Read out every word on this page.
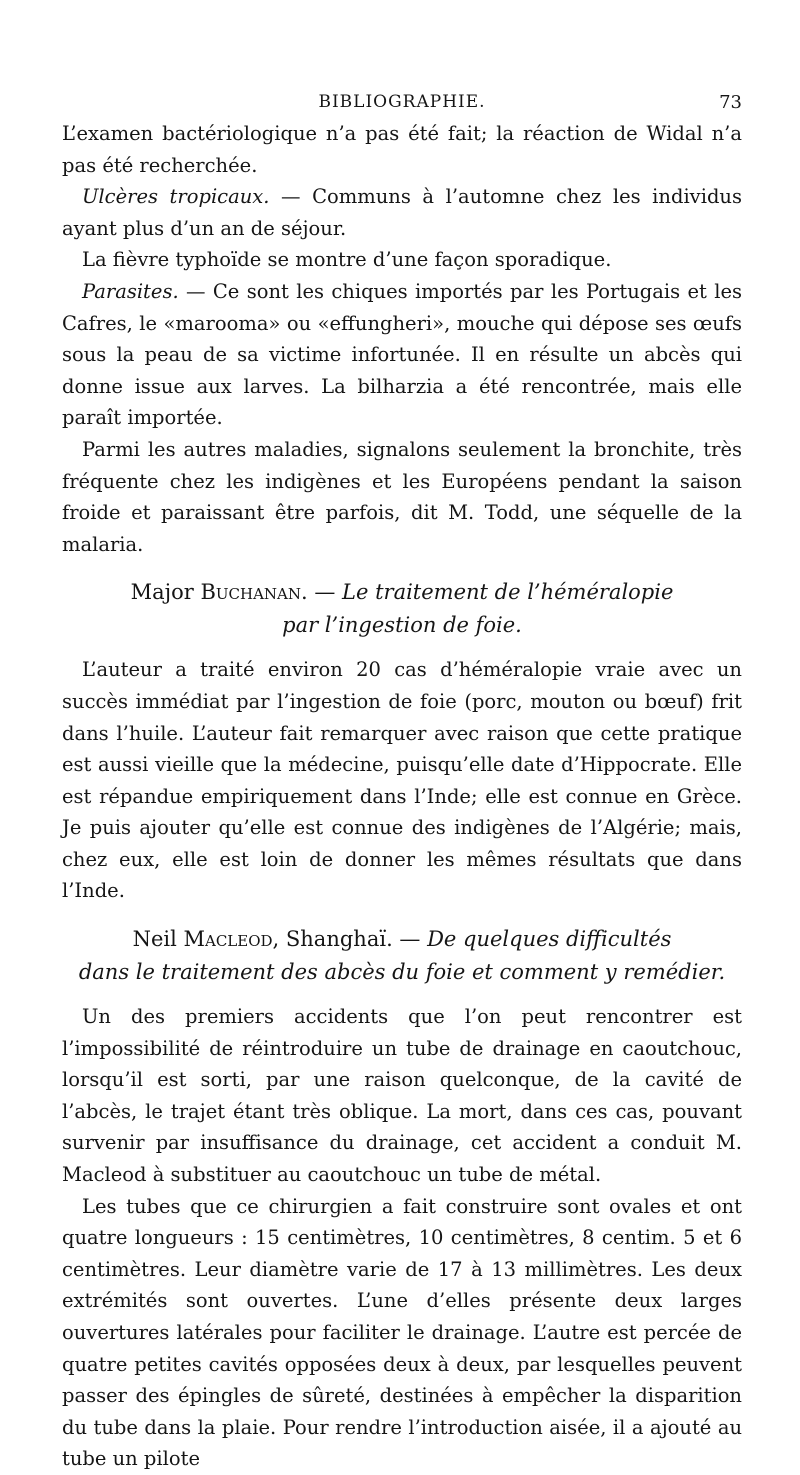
BIBLIOGRAPHIE.	73

L’examen bactériologique n’a pas été fait; la réaction de Widal n’a pas été recherchée.

Ulcères tropicaux. — Communs à l’automne chez les individus ayant plus d’un an de séjour.

La fièvre typhoïde se montre d’une façon sporadique.

Parasites. — Ce sont les chiques importés par les Portugais et les Cafres, le «marooma» ou «effungheri», mouche qui dépose ses œufs sous la peau de sa victime infortunée. Il en résulte un abcès qui donne issue aux larves. La bilharzia a été rencontrée, mais elle paraît importée.

Parmi les autres maladies, signalons seulement la bronchite, très fréquente chez les indigènes et les Européens pendant la saison froide et paraissant être parfois, dit M. Todd, une séquelle de la malaria.

Major Buchanan. — Le traitement de l’héméralopie
par l’ingestion de foie.

L’auteur a traité environ 20 cas d’héméralopie vraie avec un succès immédiat par l’ingestion de foie (porc, mouton ou bœuf) frit dans l’huile. L’auteur fait remarquer avec raison que cette pratique est aussi vieille que la médecine, puisqu’elle date d’Hippocrate. Elle est répandue empiriquement dans l’Inde; elle est connue en Grèce. Je puis ajouter qu’elle est connue des indigènes de l’Algérie; mais, chez eux, elle est loin de donner les mêmes résultats que dans l’Inde.

Neil Macleod, Shanghaï. — De quelques difficultés
dans le traitement des abcès du foie et comment y remédier.

Un des premiers accidents que l’on peut rencontrer est l’impossibilité de réintroduire un tube de drainage en caoutchouc, lorsqu’il est sorti, par une raison quelconque, de la cavité de l’abcès, le trajet étant très oblique. La mort, dans ces cas, pouvant survenir par insuffisance du drainage, cet accident a conduit M. Macleod à substituer au caoutchouc un tube de métal.

Les tubes que ce chirurgien a fait construire sont ovales et ont quatre longueurs : 15 centimètres, 10 centimètres, 8 centim. 5 et 6 centimètres. Leur diamètre varie de 17 à 13 millimètres. Les deux extrémités sont ouvertes. L’une d’elles présente deux larges ouvertures latérales pour faciliter le drainage. L’autre est percée de quatre petites cavités opposées deux à deux, par lesquelles peuvent passer des épingles de sûreté, destinées à empêcher la disparition du tube dans la plaie. Pour rendre l’introduction aisée, il a ajouté au tube un pilote
